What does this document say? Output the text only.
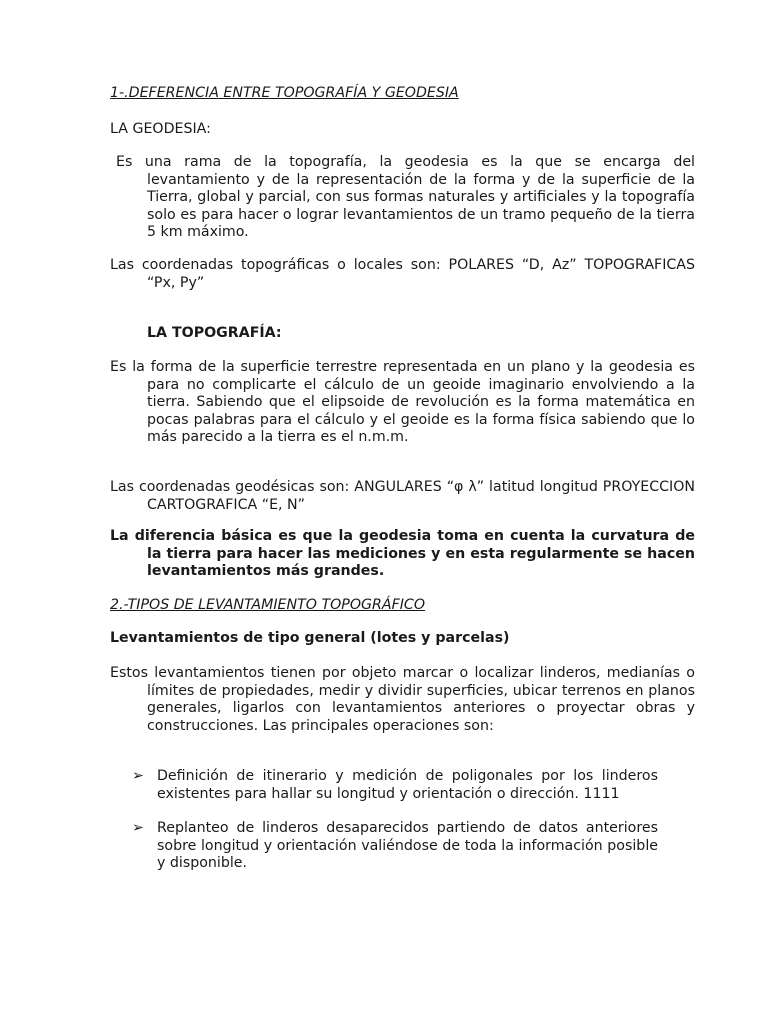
1-.DEFERENCIA ENTRE TOPOGRAFÍA Y GEODESIA
LA GEODESIA:

Es una rama de la topografía, la geodesia es la que se encarga del levantamiento y de la representación de la forma y de la superficie de la Tierra, global y parcial, con sus formas naturales y artificiales y la topografía solo es para hacer o lograr levantamientos de un tramo pequeño de la tierra 5 km máximo.

Las coordenadas topográficas o locales son: POLARES “D, Az” TOPOGRAFICAS “Px, Py”

LA TOPOGRAFÍA:

Es la forma de la superficie terrestre representada en un plano y la geodesia es para no complicarte el cálculo de un geoide imaginario envolviendo a la tierra. Sabiendo que el elipsoide de revolución es la forma matemática en pocas palabras para el cálculo y el geoide es la forma física sabiendo que lo más parecido a la tierra es el n.m.m.

Las coordenadas geodésicas son: ANGULARES “φ λ” latitud longitud PROYECCION CARTOGRAFICA “E, N”

La diferencia básica es que la geodesia toma en cuenta la curvatura de la tierra para hacer las mediciones y en esta regularmente se hacen levantamientos más grandes.

2.-TIPOS DE LEVANTAMIENTO TOPOGRÁFICO
Levantamientos de tipo general (lotes y parcelas)

Estos levantamientos tienen por objeto marcar o localizar linderos, medianías o límites de propiedades, medir y dividir superficies, ubicar terrenos en planos generales, ligarlos con levantamientos anteriores o proyectar obras y construcciones. Las principales operaciones son:

➢ Definición de itinerario y medición de poligonales por los linderos existentes para hallar su longitud y orientación o dirección. 1111
➢ Replanteo de linderos desaparecidos partiendo de datos anteriores sobre longitud y orientación valiéndose de toda la información posible y disponible.
